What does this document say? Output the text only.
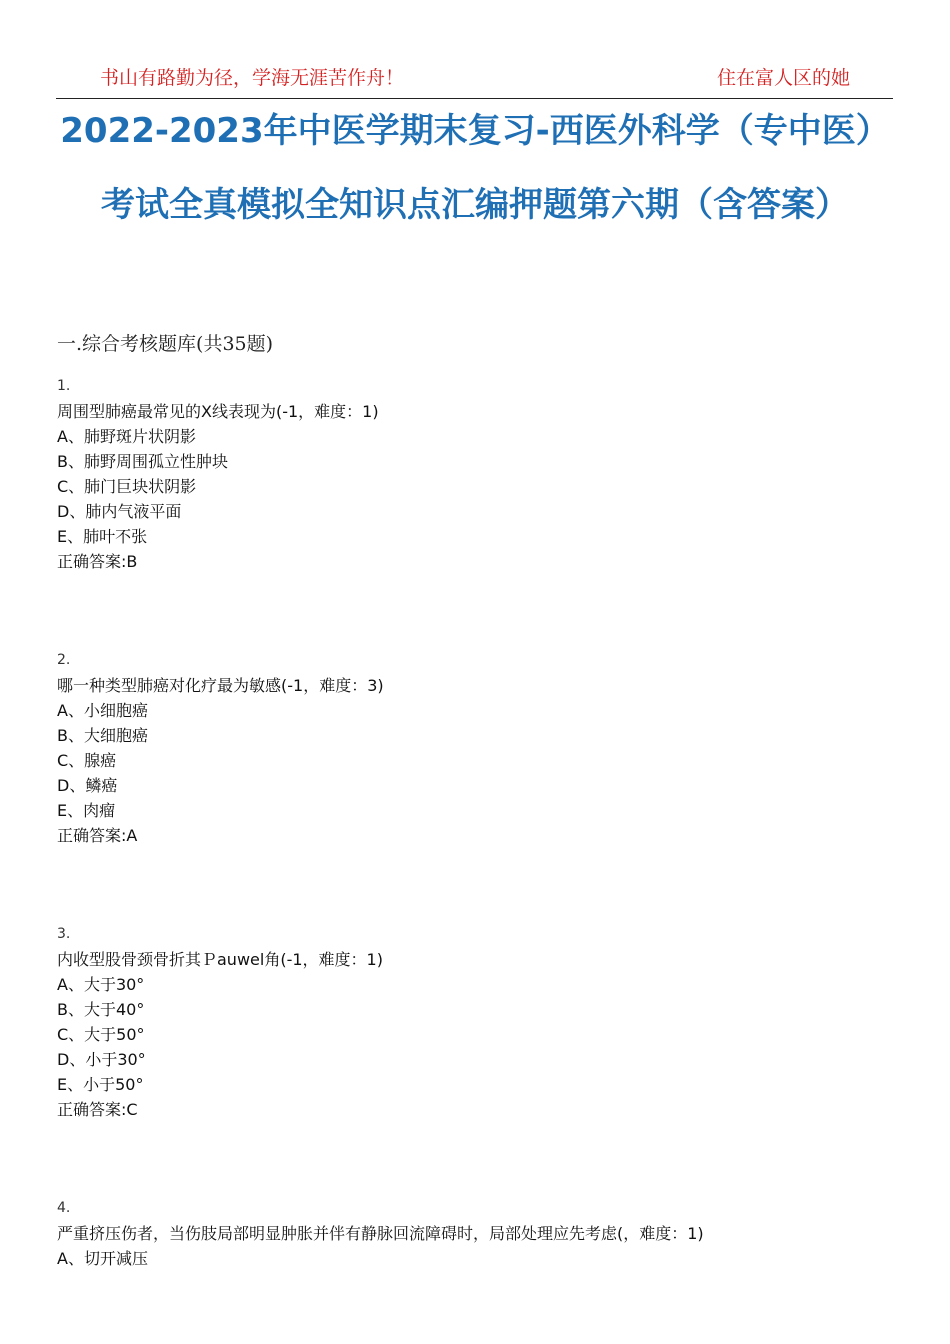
书山有路勤为径，学海无涯苦作舟！	住在富人区的她
2022-2023年中医学期末复习-西医外科学（专中医）考试全真模拟全知识点汇编押题第六期（含答案）
一.综合考核题库(共35题)
1.
周围型肺癌最常见的X线表现为(-1，难度：1)
A、肺野斑片状阴影
B、肺野周围孤立性肿块
C、肺门巨块状阴影
D、肺内气液平面
E、肺叶不张
正确答案:B
2.
哪一种类型肺癌对化疗最为敏感(-1，难度：3)
A、小细胞癌
B、大细胞癌
C、腺癌
D、鳞癌
E、肉瘤
正确答案:A
3.
内收型股骨颈骨折其Ｐauwel角(-1，难度：1)
A、大于30°
B、大于40°
C、大于50°
D、小于30°
E、小于50°
正确答案:C
4.
严重挤压伤者，当伤肢局部明显肿胀并伴有静脉回流障碍时，局部处理应先考虑(，难度：1)
A、切开减压
